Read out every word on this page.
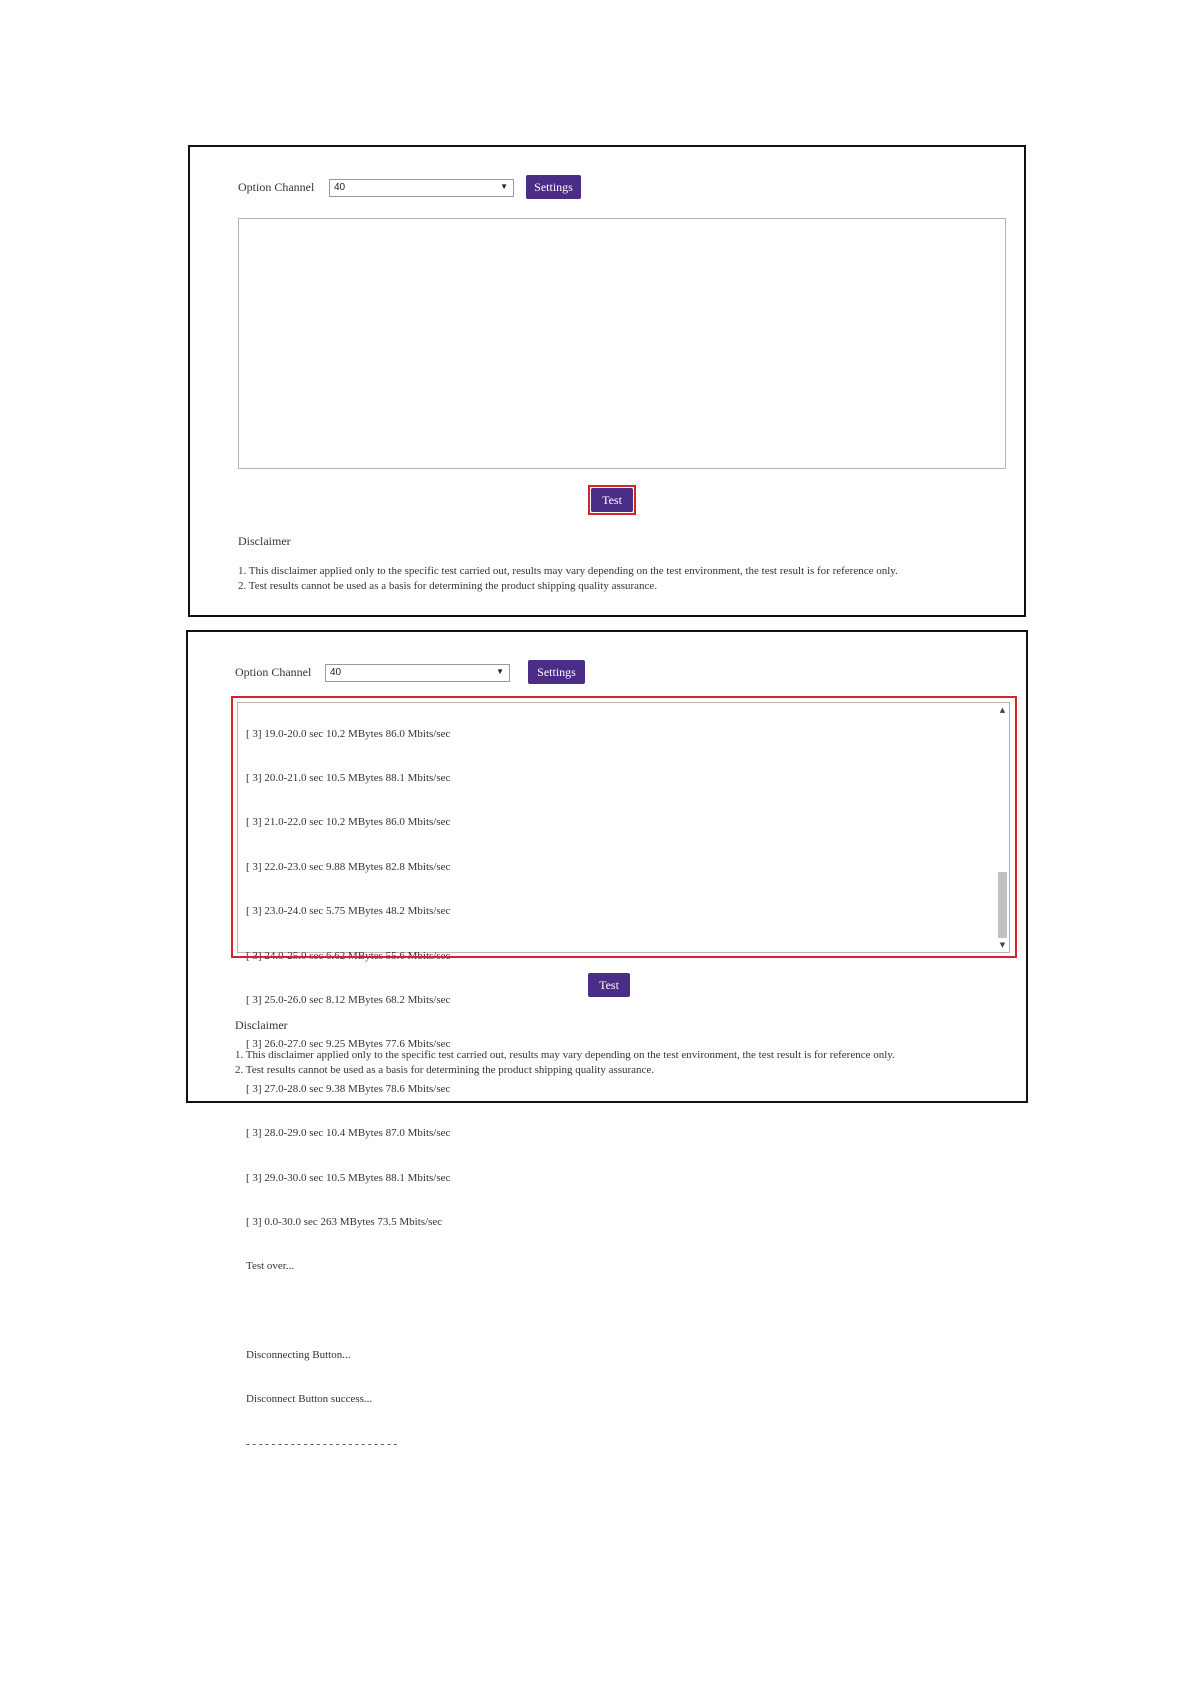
Option Channel 40	▼	Settings
Test
Disclaimer
1. This disclaimer applied only to the specific test carried out, results may vary depending on the test environment, the test result is for reference only.
2. Test results cannot be used as a basis for determining the product shipping quality assurance.
Option Channel 40	▼	Settings

[ 3] 19.0-20.0 sec 10.2 MBytes 86.0 Mbits/sec

[ 3] 20.0-21.0 sec 10.5 MBytes 88.1 Mbits/sec

[ 3] 21.0-22.0 sec 10.2 MBytes 86.0 Mbits/sec

[ 3] 22.0-23.0 sec 9.88 MBytes 82.8 Mbits/sec

[ 3] 23.0-24.0 sec 5.75 MBytes 48.2 Mbits/sec

[ 3] 24.0-25.0 sec 6.62 MBytes 55.6 Mbits/sec

[ 3] 25.0-26.0 sec 8.12 MBytes 68.2 Mbits/sec

[ 3] 26.0-27.0 sec 9.25 MBytes 77.6 Mbits/sec

[ 3] 27.0-28.0 sec 9.38 MBytes 78.6 Mbits/sec

[ 3] 28.0-29.0 sec 10.4 MBytes 87.0 Mbits/sec

[ 3] 29.0-30.0 sec 10.5 MBytes 88.1 Mbits/sec

[ 3] 0.0-30.0 sec 263 MBytes 73.5 Mbits/sec

Test over...

Disconnecting Button...

Disconnect Button success...

- - - - - - - - - - - - - - - - - - - - - - - -

▲
▼
Test
Disclaimer
1. This disclaimer applied only to the specific test carried out, results may vary depending on the test environment, the test result is for reference only.
2. Test results cannot be used as a basis for determining the product shipping quality assurance.
